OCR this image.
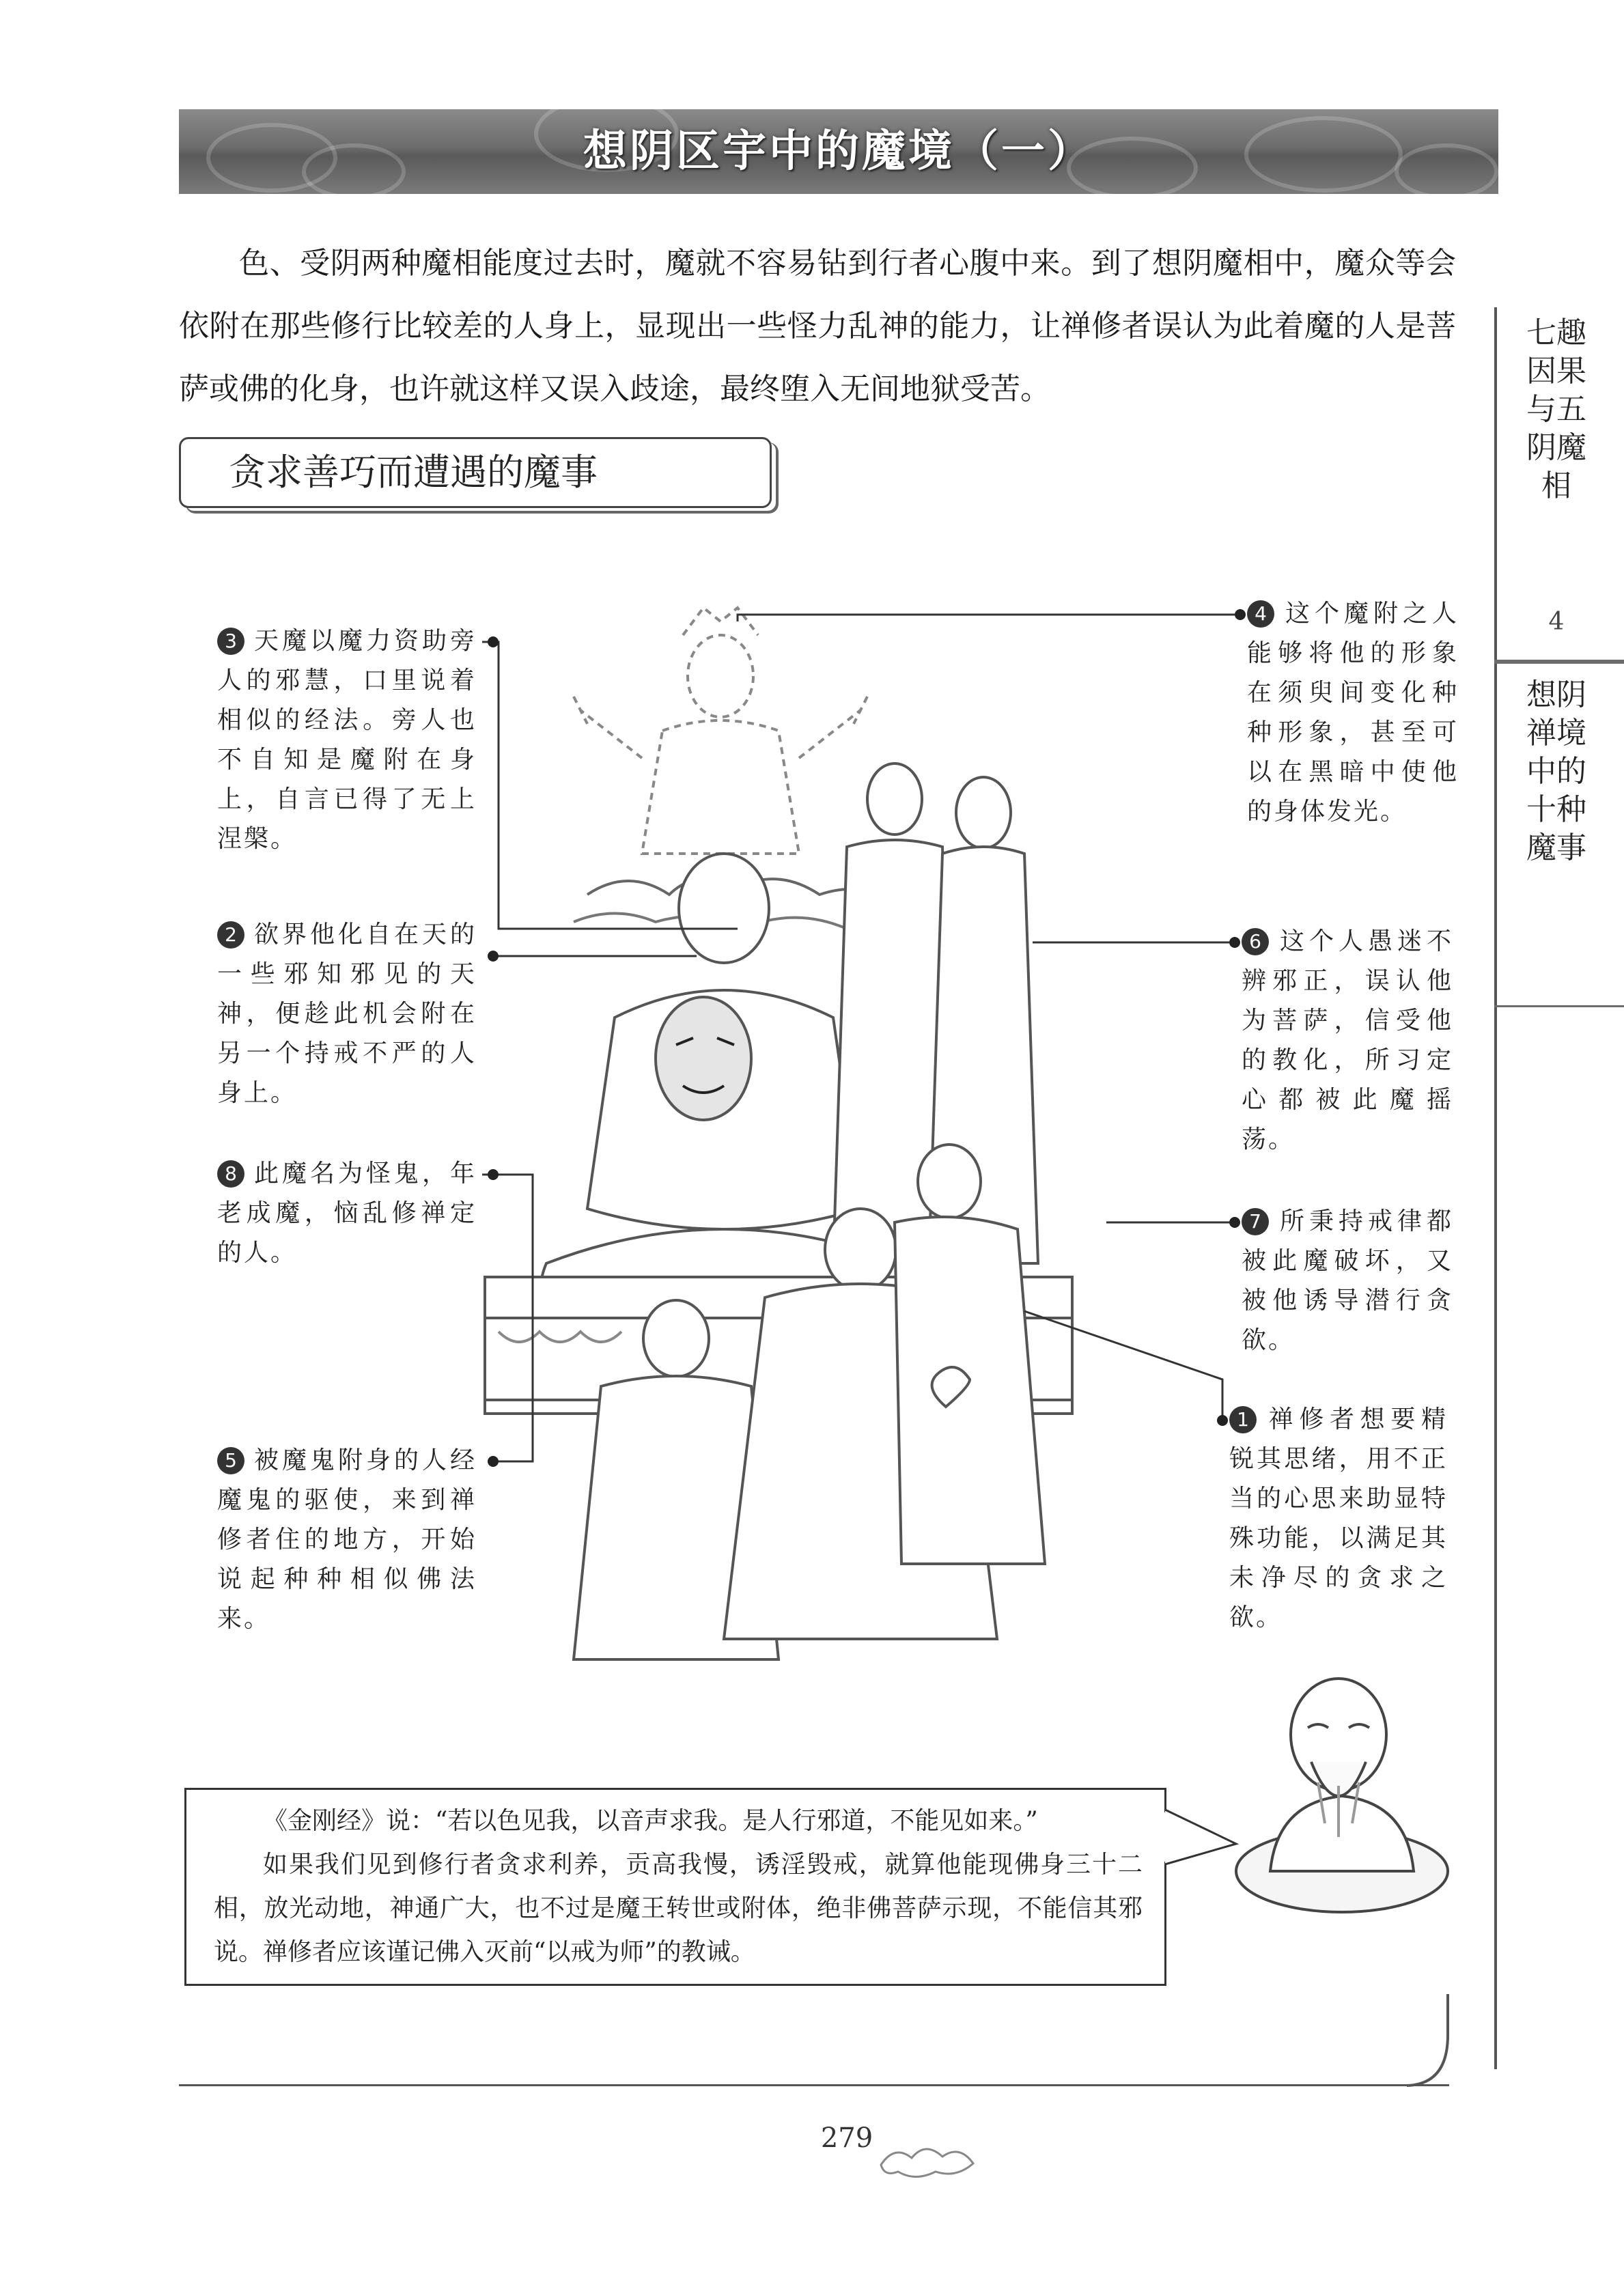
想阴区宇中的魔境（一）
色、受阴两种魔相能度过去时，魔就不容易钻到行者心腹中来。到了想阴魔相中，魔众等会依附在那些修行比较差的人身上，显现出一些怪力乱神的能力，让禅修者误认为此着魔的人是菩萨或佛的化身，也许就这样又误入歧途，最终堕入无间地狱受苦。
七趣因果与五阴魔相
4
想阴禅境中的十种魔事
贪求善巧而遭遇的魔事
3 天魔以魔力资助旁人的邪慧，口里说着相似的经法。旁人也不自知是魔附在身上，自言已得了无上涅槃。
2 欲界他化自在天的一些邪知邪见的天神，便趁此机会附在另一个持戒不严的人身上。
8 此魔名为怪鬼，年老成魔，恼乱修禅定的人。
5 被魔鬼附身的人经魔鬼的驱使，来到禅修者住的地方，开始说起种种相似佛法来。
4 这个魔附之人能够将他的形象在须臾间变化种种形象，甚至可以在黑暗中使他的身体发光。
6 这个人愚迷不辨邪正，误认他为菩萨，信受他的教化，所习定心都被此魔摇荡。
7 所秉持戒律都被此魔破坏，又被他诱导潜行贪欲。
1 禅修者想要精锐其思绪，用不正当的心思来助显特殊功能，以满足其未净尽的贪求之欲。

《金刚经》说：“若以色见我，以音声求我。是人行邪道，不能见如来。”

如果我们见到修行者贪求利养，贡高我慢，诱淫毁戒，就算他能现佛身三十二相，放光动地，神通广大，也不过是魔王转世或附体，绝非佛菩萨示现，不能信其邪说。禅修者应该谨记佛入灭前“以戒为师”的教诫。

279
